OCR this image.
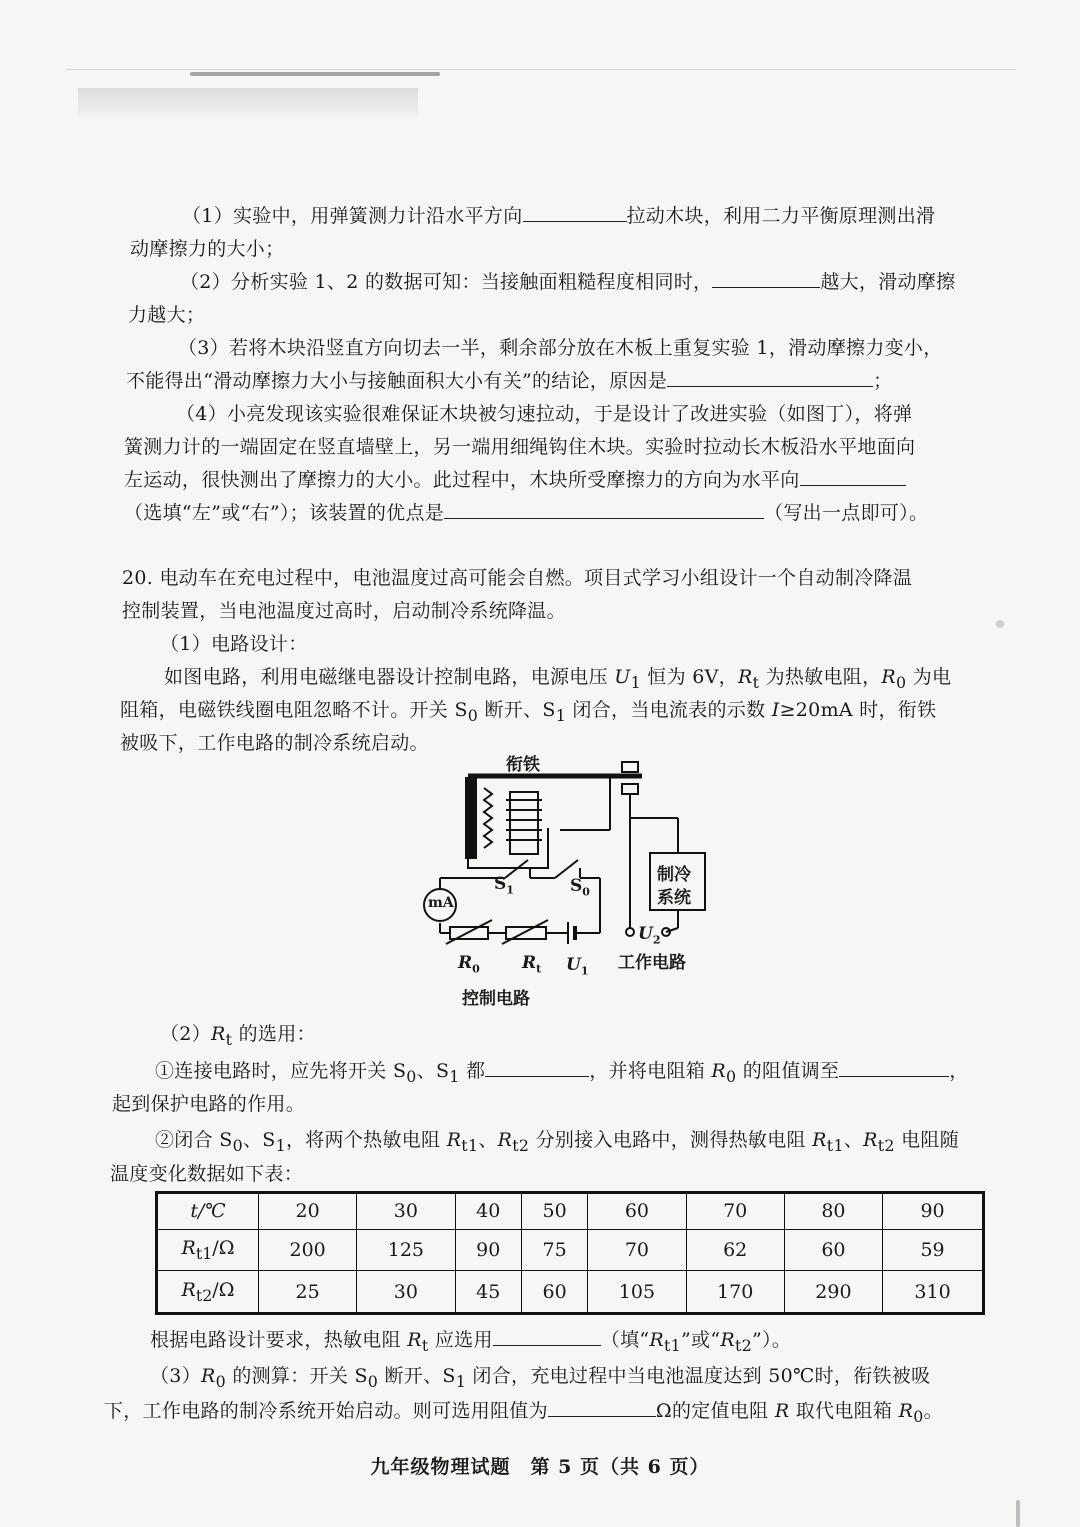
（1）实验中，用弹簧测力计沿水平方向	拉动木块，利用二力平衡原理测出滑
动摩擦力的大小；
（2）分析实验 1、2 的数据可知：当接触面粗糙程度相同时，	越大，滑动摩擦
力越大；
（3）若将木块沿竖直方向切去一半，剩余部分放在木板上重复实验 1，滑动摩擦力变小，
不能得出“滑动摩擦力大小与接触面积大小有关”的结论，原因是	；
（4）小亮发现该实验很难保证木块被匀速拉动，于是设计了改进实验（如图丁），将弹
簧测力计的一端固定在竖直墙壁上，另一端用细绳钩住木块。实验时拉动长木板沿水平地面向
左运动，很快测出了摩擦力的大小。此过程中，木块所受摩擦力的方向为水平向
（选填“左”或“右”）；该装置的优点是	（写出一点即可）。
20. 电动车在充电过程中，电池温度过高可能会自燃。项目式学习小组设计一个自动制冷降温
控制装置，当电池温度过高时，启动制冷系统降温。
（1）电路设计：
如图电路，利用电磁继电器设计控制电路，电源电压 $U_1$ 恒为 6V，$R_t$ 为热敏电阻，$R_0$ 为电
阻箱，电磁铁线圈电阻忽略不计。开关 $S_0$ 断开、$S_1$ 闭合，当电流表的示数 I≥20mA 时，衔铁
被吸下，工作电路的制冷系统启动。
衔铁
mA
$S_1$	$S_0$
制冷
系统
$R_0$ $R_t$ $U_1$
$U_2$
工作电路
控制电路
$(2)R_t$ 的选用：
①连接电路时，应先将开关 $S_0$、$S_1$ 都	，并将电阻箱 $R_0$ 的阻值调至	，
起到保护电路的作用。
②闭合 $S_0$、$S_1$，将两个热敏电阻 $R_{t1}$、$R_{t2}$ 分别接入电路中，测得热敏电阻 $R_{t1}$、$R_{t2}$ 电阻随
温度变化数据如下表：
t/℃	20	30	40	50	60	70	80	90
$R_{t1}/\Omega$	200	125	90	75	70	62	60	59
$R_{t2}/\Omega$	25	30	45	60	105	170	290	310
根据电路设计要求，热敏电阻 $R_t$ 应选用	（填“$R_{t1}$”或“$R_{t2}$”）。
$(3)R_0$ 的测算：开关 $S_0$ 断开、$S_1$ 闭合，充电过程中当电池温度达到 50℃时，衔铁被吸
下，工作电路的制冷系统开始启动。则可选用阻值为	Ω的定值电阻 R 取代电阻箱 $R_0$。
九年级物理试题　第 5 页（共 6 页）
